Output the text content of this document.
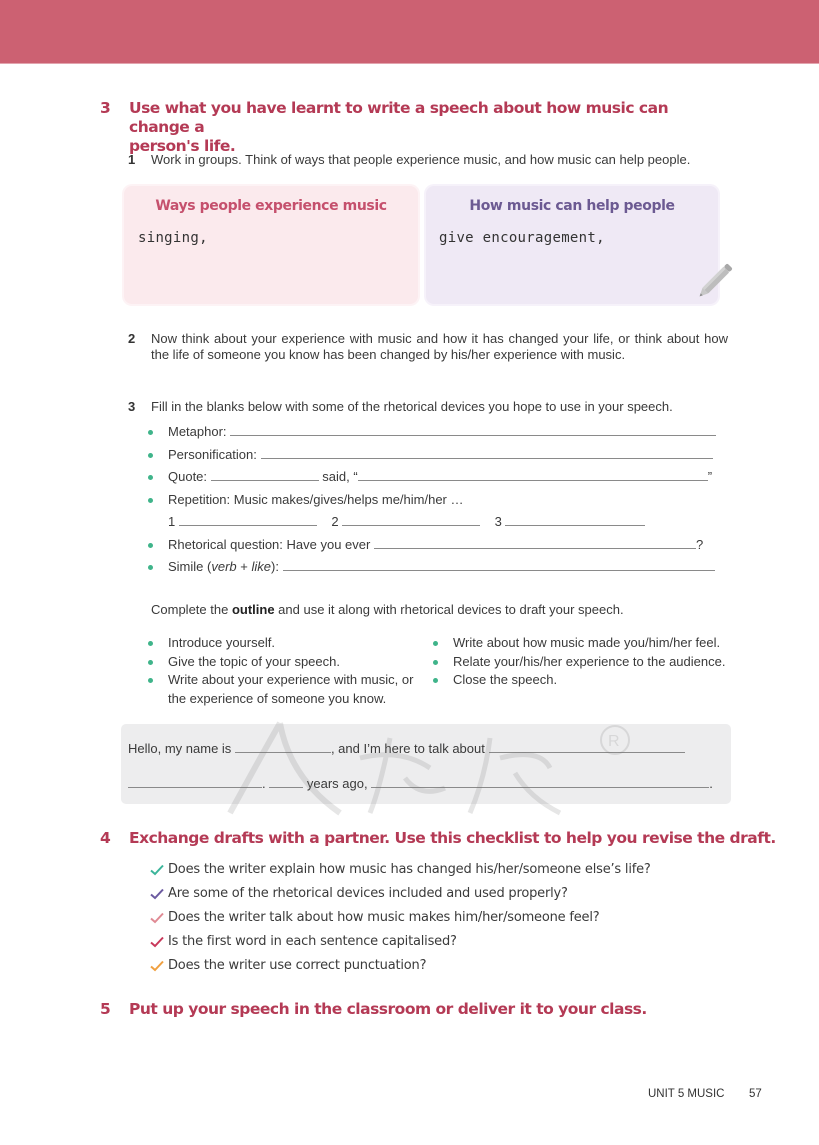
3	Use what you have learnt to write a speech about how music can change a
person's life.
1 Work in groups. Think of ways that people experience music, and how music can help people.
Ways people experience music
singing,
How music can help people
give encouragement,
2 Now think about your experience with music and how it has changed your life, or think about how the life of someone you know has been changed by his/her experience with music.
3 Fill in the blanks below with some of the rhetorical devices you hope to use in your speech.
Metaphor:
Personification:
Quote:	said, “	”
Repetition: Music makes/gives/helps me/him/her …
1	2	3
Rhetorical question: Have you ever	?
Simile (verb + like):
Complete the outline and use it along with rhetorical devices to draft your speech.
Introduce yourself.
Give the topic of your speech.
Write about your experience with music, or the experience of someone you know.
Write about how music made you/him/her feel.
Relate your/his/her experience to the audience.
Close the speech.
Hello, my name is	, and I’m here to talk about
.	years ago,	.
4	Exchange drafts with a partner. Use this checklist to help you revise the draft.
Does the writer explain how music has changed his/her/someone else’s life?
Are some of the rhetorical devices included and used properly?
Does the writer talk about how music makes him/her/someone feel?
Is the first word in each sentence capitalised?
Does the writer use correct punctuation?
5	Put up your speech in the classroom or deliver it to your class.
UNIT 5 MUSIC 57
